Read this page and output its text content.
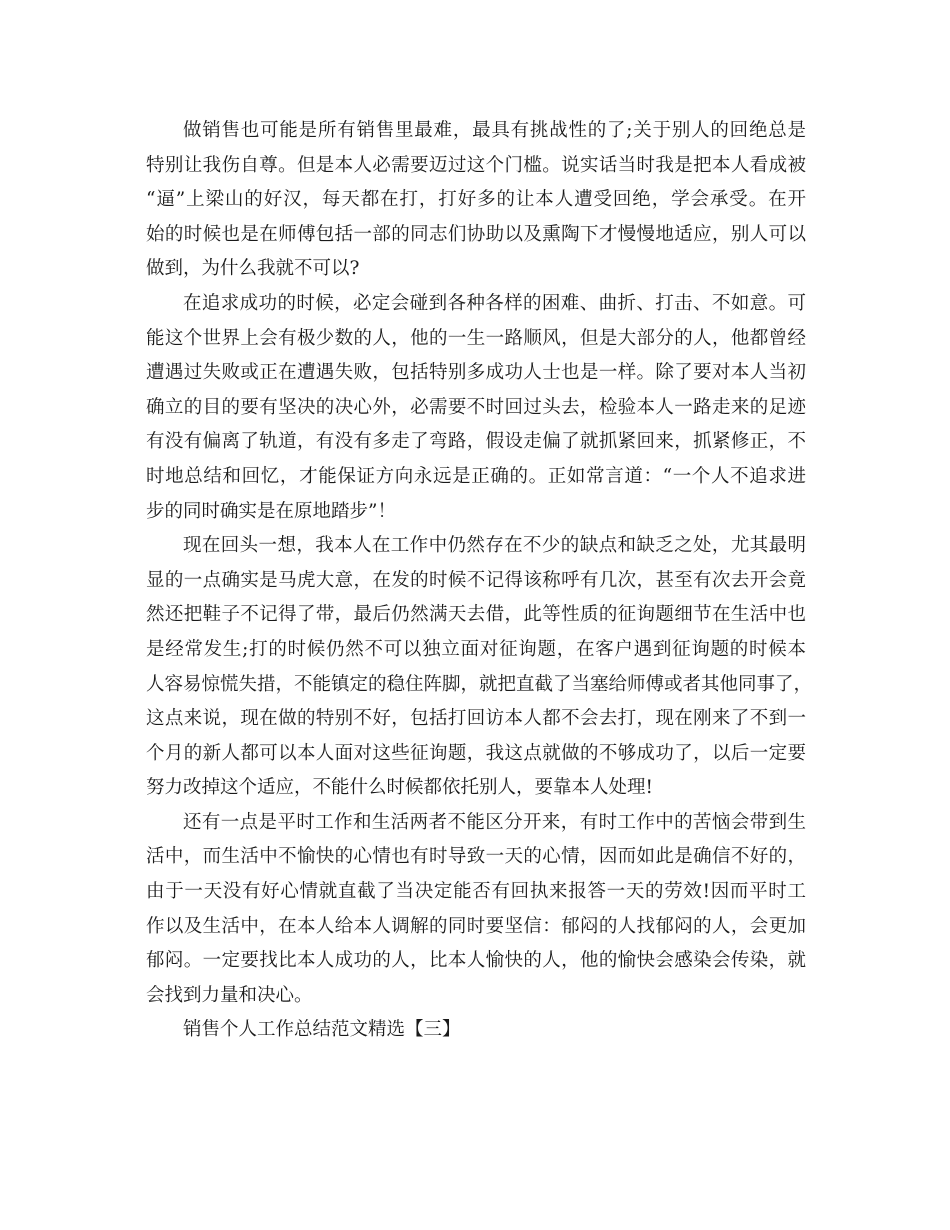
做销售也可能是所有销售里最难，最具有挑战性的了;关于别人的回绝总是
特别让我伤自尊。但是本人必需要迈过这个门槛。说实话当时我是把本人看成被
“逼”上梁山的好汉，每天都在打，打好多的让本人遭受回绝，学会承受。在开
始的时候也是在师傅包括一部的同志们协助以及熏陶下才慢慢地适应，别人可以
做到，为什么我就不可以?
在追求成功的时候，必定会碰到各种各样的困难、曲折、打击、不如意。可
能这个世界上会有极少数的人，他的一生一路顺风，但是大部分的人，他都曾经
遭遇过失败或正在遭遇失败，包括特别多成功人士也是一样。除了要对本人当初
确立的目的要有坚决的决心外，必需要不时回过头去，检验本人一路走来的足迹
有没有偏离了轨道，有没有多走了弯路，假设走偏了就抓紧回来，抓紧修正，不
时地总结和回忆，才能保证方向永远是正确的。正如常言道：“一个人不追求进
步的同时确实是在原地踏步”！
现在回头一想，我本人在工作中仍然存在不少的缺点和缺乏之处，尤其最明
显的一点确实是马虎大意，在发的时候不记得该称呼有几次，甚至有次去开会竟
然还把鞋子不记得了带，最后仍然满天去借，此等性质的征询题细节在生活中也
是经常发生;打的时候仍然不可以独立面对征询题，在客户遇到征询题的时候本
人容易惊慌失措，不能镇定的稳住阵脚，就把直截了当塞给师傅或者其他同事了，
这点来说，现在做的特别不好，包括打回访本人都不会去打，现在刚来了不到一
个月的新人都可以本人面对这些征询题，我这点就做的不够成功了，以后一定要
努力改掉这个适应，不能什么时候都依托别人，要靠本人处理!
还有一点是平时工作和生活两者不能区分开来，有时工作中的苦恼会带到生
活中，而生活中不愉快的心情也有时导致一天的心情，因而如此是确信不好的，
由于一天没有好心情就直截了当决定能否有回执来报答一天的劳效!因而平时工
作以及生活中，在本人给本人调解的同时要坚信：郁闷的人找郁闷的人，会更加
郁闷。一定要找比本人成功的人，比本人愉快的人，他的愉快会感染会传染，就
会找到力量和决心。
销售个人工作总结范文精选【三】
